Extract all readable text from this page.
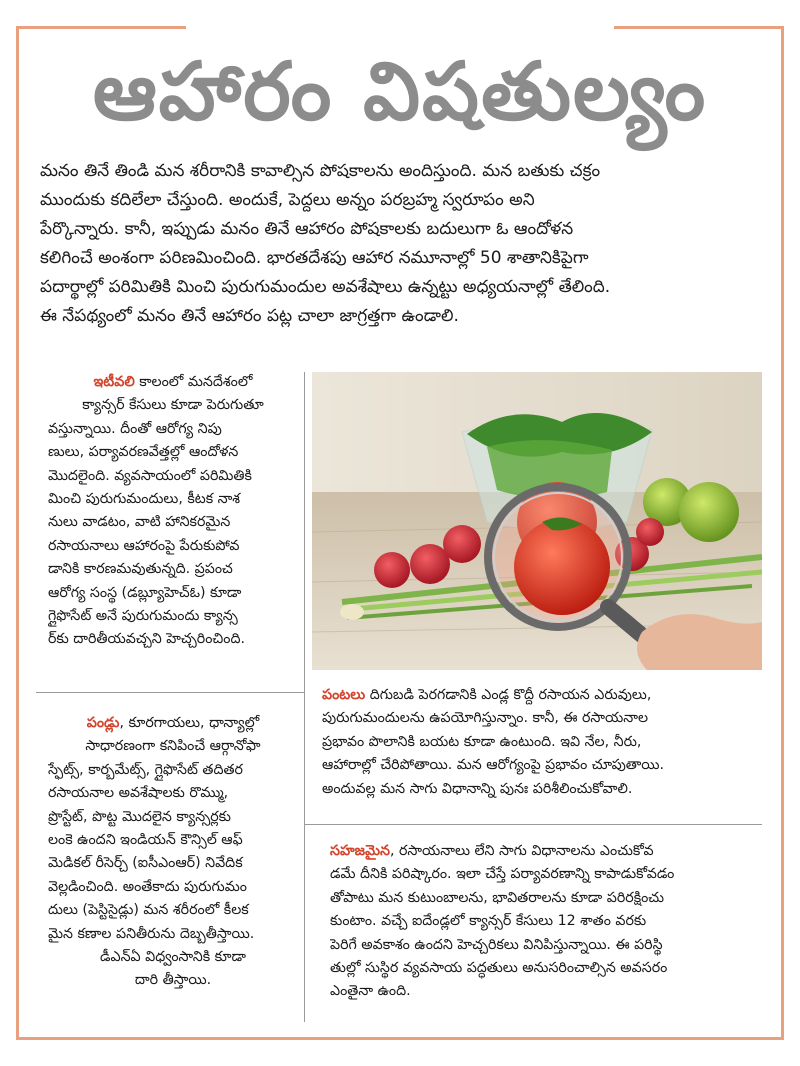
ఆహారం విషతుల్యం
మనం తినే తిండి మన శరీరానికి కావాల్సిన పోషకాలను అందిస్తుంది. మన బతుకు చక్రం
ముందుకు కదిలేలా చేస్తుంది. అందుకే, పెద్దలు అన్నం పరబ్రహ్మ స్వరూపం అని
పేర్కొన్నారు. కానీ, ఇప్పుడు మనం తినే ఆహారం పోషకాలకు బదులుగా ఓ ఆందోళన
కలిగించే అంశంగా పరిణమించింది. భారతదేశపు ఆహార నమూనాల్లో 50 శాతానికిపైగా
పదార్థాల్లో పరిమితికి మించి పురుగుమందుల అవశేషాలు ఉన్నట్టు అధ్యయనాల్లో తేలింది.
ఈ నేపథ్యంలో మనం తినే ఆహారం పట్ల చాలా జాగ్రత్తగా ఉండాలి.
ఇటీవలి కాలంలో మనదేశంలో
క్యాన్సర్ కేసులు కూడా పెరుగుతూ
వస్తున్నాయి. దీంతో ఆరోగ్య నిపు
ణులు, పర్యావరణవేత్తల్లో ఆందోళన
మొదలైంది. వ్యవసాయంలో పరిమితికి
మించి పురుగుమందులు, కీటక నాశ
నులు వాడటం, వాటి హానికరమైన
రసాయనాలు ఆహారంపై పేరుకుపోవ
డానికి కారణమవుతున్నది. ప్రపంచ
ఆరోగ్య సంస్థ (డబ్ల్యూహెచ్ఓ) కూడా
గ్లైఫొసేట్ అనే పురుగుమందు క్యాన్స
ర్‌కు దారితీయవచ్చని హెచ్చరించింది.
పండ్లు, కూరగాయలు, ధాన్యాల్లో
సాధారణంగా కనిపించే ఆర్గానోఫా
స్ఫేట్స్, కార్బమేట్స్, గ్లైఫొసేట్ తదితర
రసాయనాల అవశేషాలకు రొమ్ము,
ప్రొస్టేట్, పొట్ట మొదలైన క్యాన్సర్లకు
లంకె ఉందని ఇండియన్ కౌన్సిల్ ఆఫ్
మెడికల్ రీసెర్చ్ (ఐసీఎంఆర్) నివేదిక
వెల్లడించింది. అంతేకాదు పురుగుమం
దులు (పెస్టిసైడ్లు) మన శరీరంలో కీలక
మైన కణాల పనితీరును దెబ్బతీస్తాయి.
డీఎన్ఏ విధ్వంసానికి కూడా
దారి తీస్తాయి.
పంటలు దిగుబడి పెరగడానికి ఎండ్ల కొద్దీ రసాయన ఎరువులు,
పురుగుమందులను ఉపయోగిస్తున్నాం. కానీ, ఈ రసాయనాల
ప్రభావం పొలానికి బయట కూడా ఉంటుంది. ఇవి నేల, నీరు,
ఆహారాల్లో చేరిపోతాయి. మన ఆరోగ్యంపై ప్రభావం చూపుతాయి.
అందువల్ల మన సాగు విధానాన్ని పునః పరిశీలించుకోవాలి.
సహజమైన, రసాయనాలు లేని సాగు విధానాలను ఎంచుకోవ
డమే దీనికి పరిష్కారం. ఇలా చేస్తే పర్యావరణాన్ని కాపాడుకోవడం
తోపాటు మన కుటుంబాలను, భావితరాలను కూడా పరిరక్షించు
కుంటాం. వచ్చే ఐదేండ్లలో క్యాన్సర్ కేసులు 12 శాతం వరకు
పెరిగే అవకాశం ఉందని హెచ్చరికలు వినిపిస్తున్నాయి. ఈ పరిస్థి
తుల్లో సుస్థిర వ్యవసాయ పద్ధతులు అనుసరించాల్సిన అవసరం
ఎంతైనా ఉంది.
